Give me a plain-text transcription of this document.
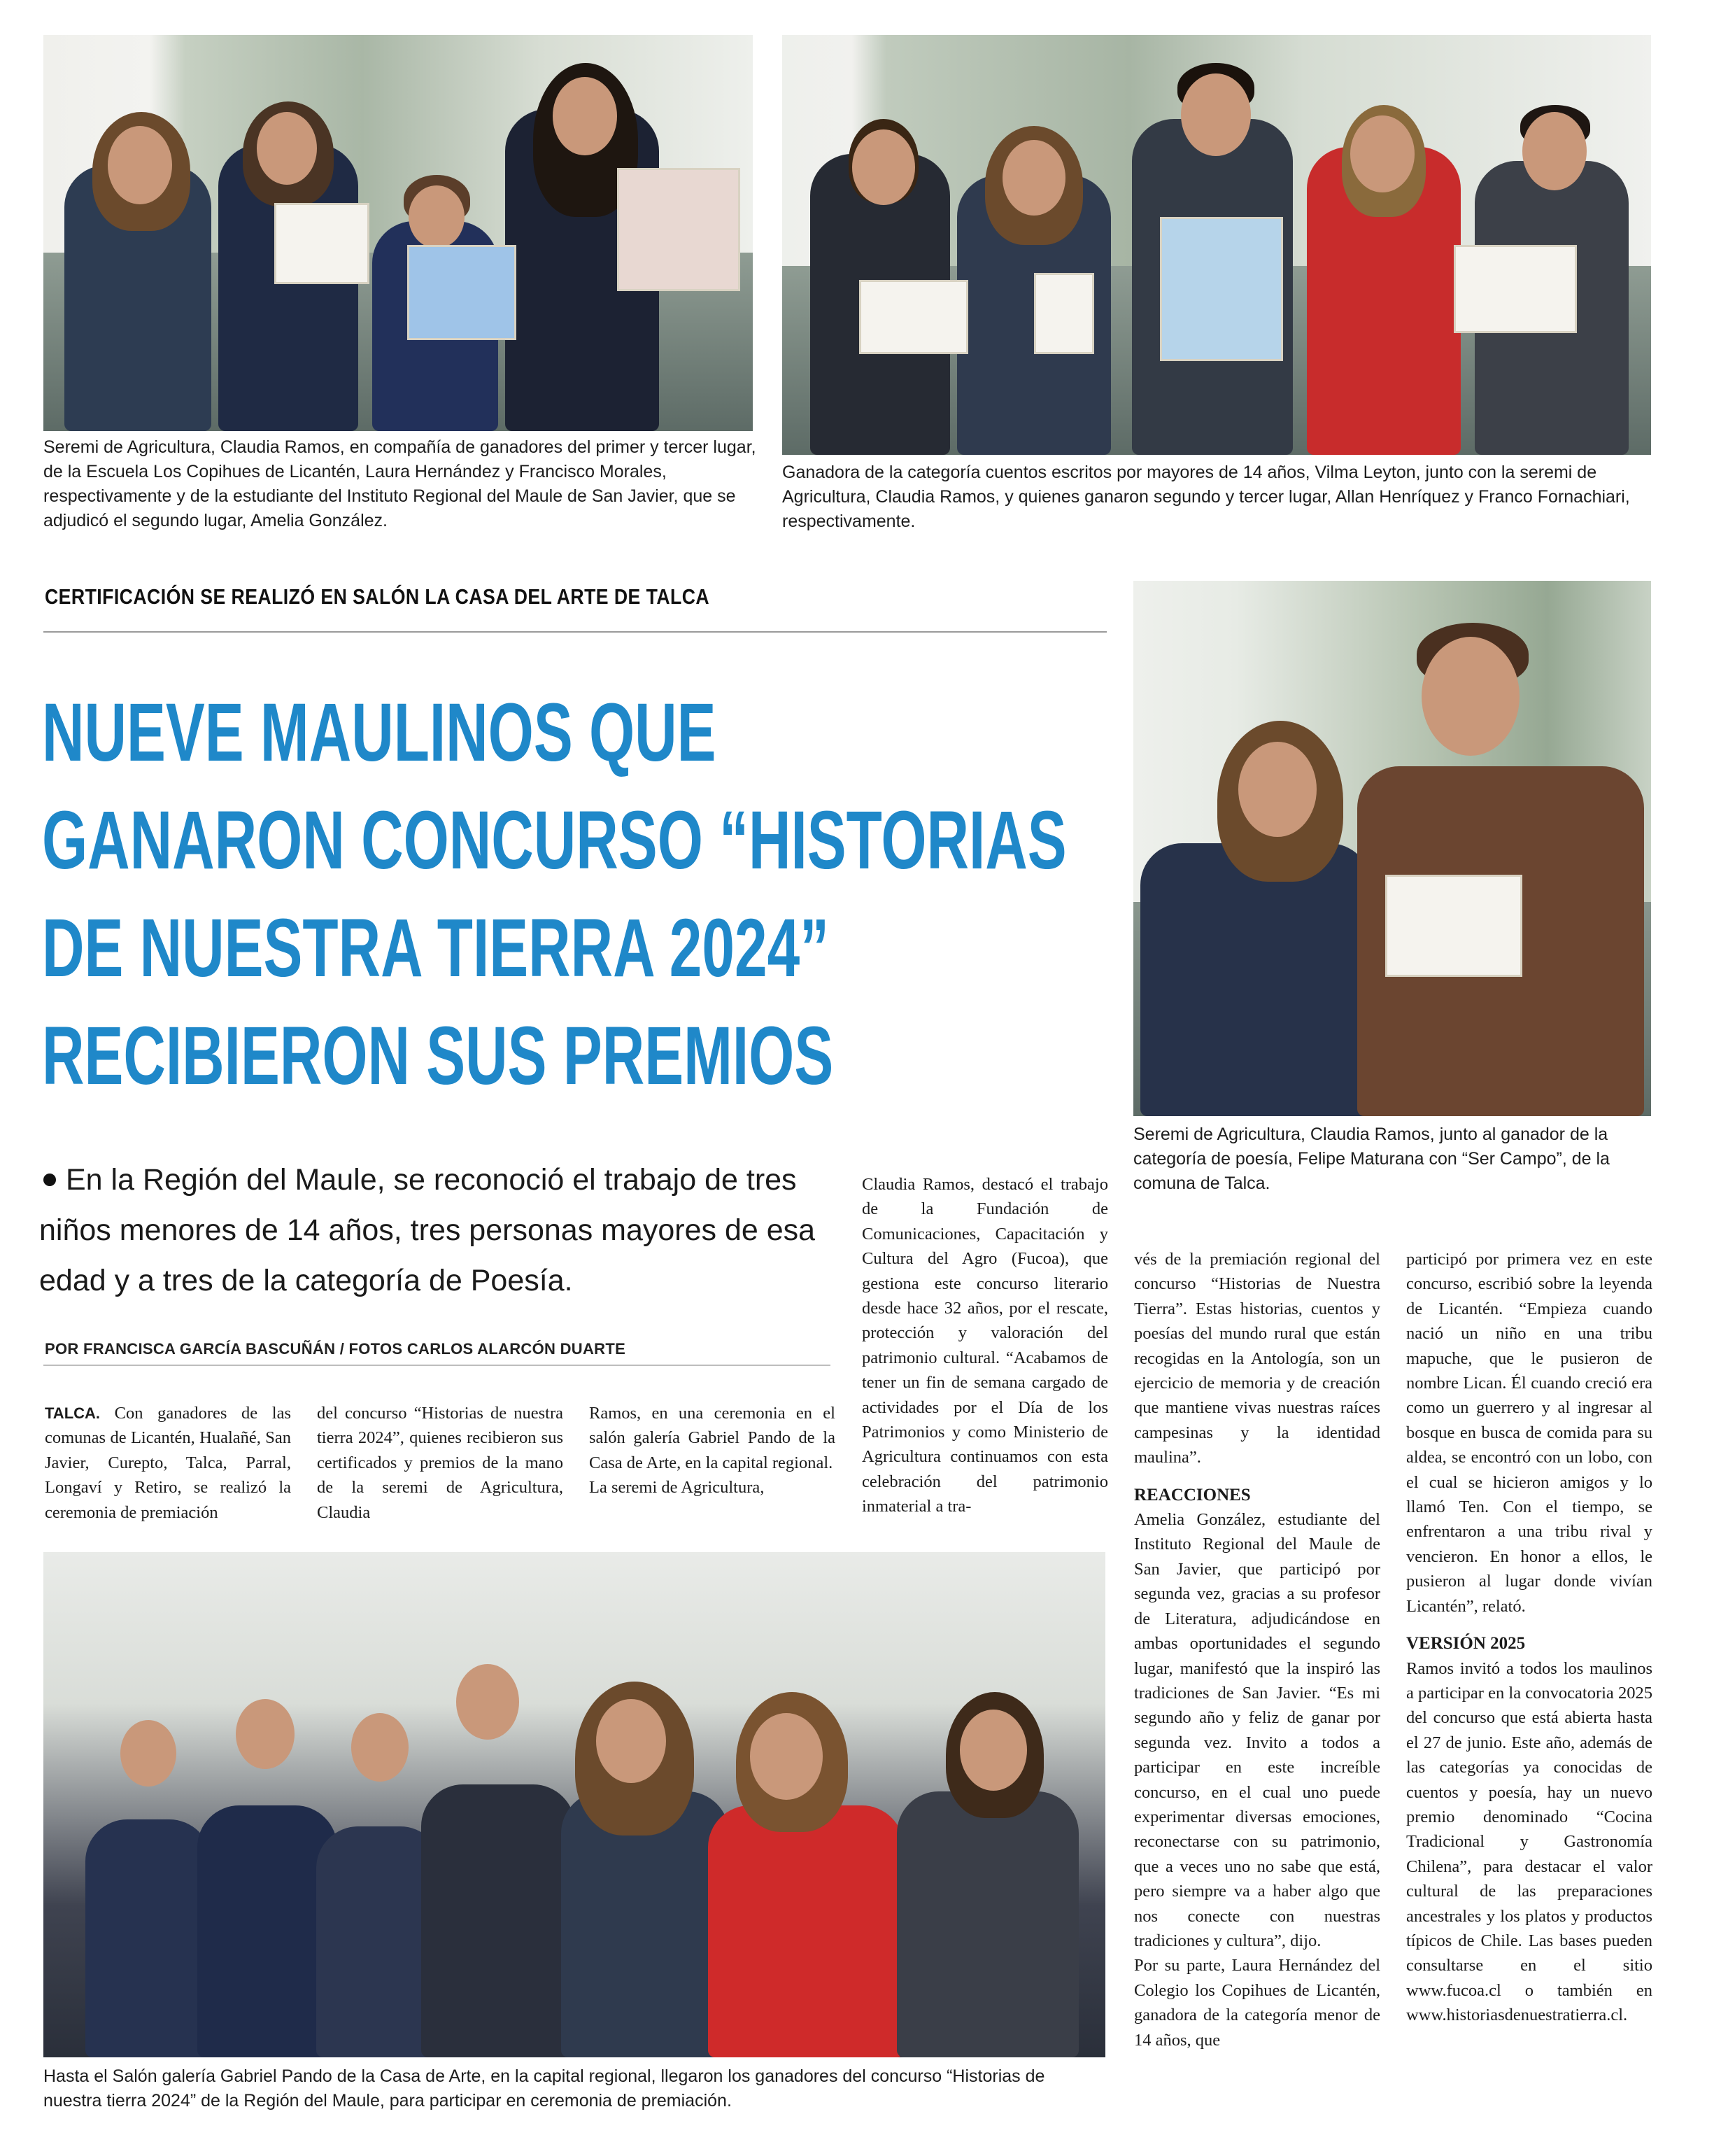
Seremi de Agricultura, Claudia Ramos, en compañía de ganadores del primer y tercer lugar, de la Escuela Los Copihues de Licantén, Laura Hernández y Francisco Morales, respectivamente y de la estudiante del Instituto Regional del Maule de San Javier, que se adjudicó el segundo lugar, Amelia González.
Ganadora de la categoría cuentos escritos por mayores de 14 años, Vilma Leyton, junto con la seremi de Agricultura, Claudia Ramos, y quienes ganaron segundo y tercer lugar, Allan Henríquez y Franco Fornachiari, respectivamente.
CERTIFICACIÓN SE REALIZÓ EN SALÓN LA CASA DEL ARTE DE TALCA
NUEVE MAULINOS QUE
GANARON CONCURSO “HISTORIAS
DE NUESTRA TIERRA 2024”
RECIBIERON SUS PREMIOS
Seremi de Agricultura, Claudia Ramos, junto al ganador de la categoría de poesía, Felipe Maturana con “Ser Campo”, de la comuna de Talca.
En la Región del Maule, se reconoció el trabajo de tres niños menores de 14 años, tres personas mayores de esa edad y a tres de la categoría de Poesía.
POR FRANCISCA GARCÍA BASCUÑÁN / FOTOS CARLOS ALARCÓN DUARTE

TALCA. Con ganadores de las comunas de Licantén, Hualañé, San Javier, Curepto, Talca, Parral, Longaví y Retiro, se realizó la ceremonia de premiación

del concurso “Historias de nuestra tierra 2024”, quienes recibieron sus certificados y premios de la mano de la seremi de Agricultura, Claudia

Ramos, en una ceremonia en el salón galería Gabriel Pando de la Casa de Arte, en la capital regional.

La seremi de Agricultura,

Claudia Ramos, destacó el trabajo de la Fundación de Comunicaciones, Capacitación y Cultura del Agro (Fucoa), que gestiona este concurso literario desde hace 32 años, por el rescate, protección y valoración del patrimonio cultural. “Acabamos de tener un fin de semana cargado de actividades por el Día de los Patrimonios y como Ministerio de Agricultura continuamos con esta celebración del patrimonio inmaterial a tra-

vés de la premiación regional del concurso “Historias de Nuestra Tierra”. Estas historias, cuentos y poesías del mundo rural que están recogidas en la Antología, son un ejercicio de memoria y de creación que mantiene vivas nuestras raíces campesinas y la identidad maulina”.

REACCIONES

Amelia González, estudiante del Instituto Regional del Maule de San Javier, que participó por segunda vez, gracias a su profesor de Literatura, adjudicándose en ambas oportunidades el segundo lugar, manifestó que la inspiró las tradiciones de San Javier. “Es mi segundo año y feliz de ganar por segunda vez. Invito a todos a participar en este increíble concurso, en el cual uno puede experimentar diversas emociones, reconectarse con su patrimonio, que a veces uno no sabe que está, pero siempre va a haber algo que nos conecte con nuestras tradiciones y cultura”, dijo.

Por su parte, Laura Hernández del Colegio los Copihues de Licantén, ganadora de la categoría menor de 14 años, que

participó por primera vez en este concurso, escribió sobre la leyenda de Licantén. “Empieza cuando nació un niño en una tribu mapuche, que le pusieron de nombre Lican. Él cuando creció era como un guerrero y al ingresar al bosque en busca de comida para su aldea, se encontró con un lobo, con el cual se hicieron amigos y lo llamó Ten. Con el tiempo, se enfrentaron a una tribu rival y vencieron. En honor a ellos, le pusieron al lugar donde vivían Licantén”, relató.

VERSIÓN 2025

Ramos invitó a todos los maulinos a participar en la convocatoria 2025 del concurso que está abierta hasta el 27 de junio. Este año, además de las categorías ya conocidas de cuentos y poesía, hay un nuevo premio denominado “Cocina Tradicional y Gastronomía Chilena”, para destacar el valor cultural de las preparaciones ancestrales y los platos y productos típicos de Chile. Las bases pueden consultarse en el sitio www.fucoa.cl o también en www.historiasdenuestratierra.cl.

Hasta el Salón galería Gabriel Pando de la Casa de Arte, en la capital regional, llegaron los ganadores del concurso “Historias de nuestra tierra 2024” de la Región del Maule, para participar en ceremonia de premiación.
